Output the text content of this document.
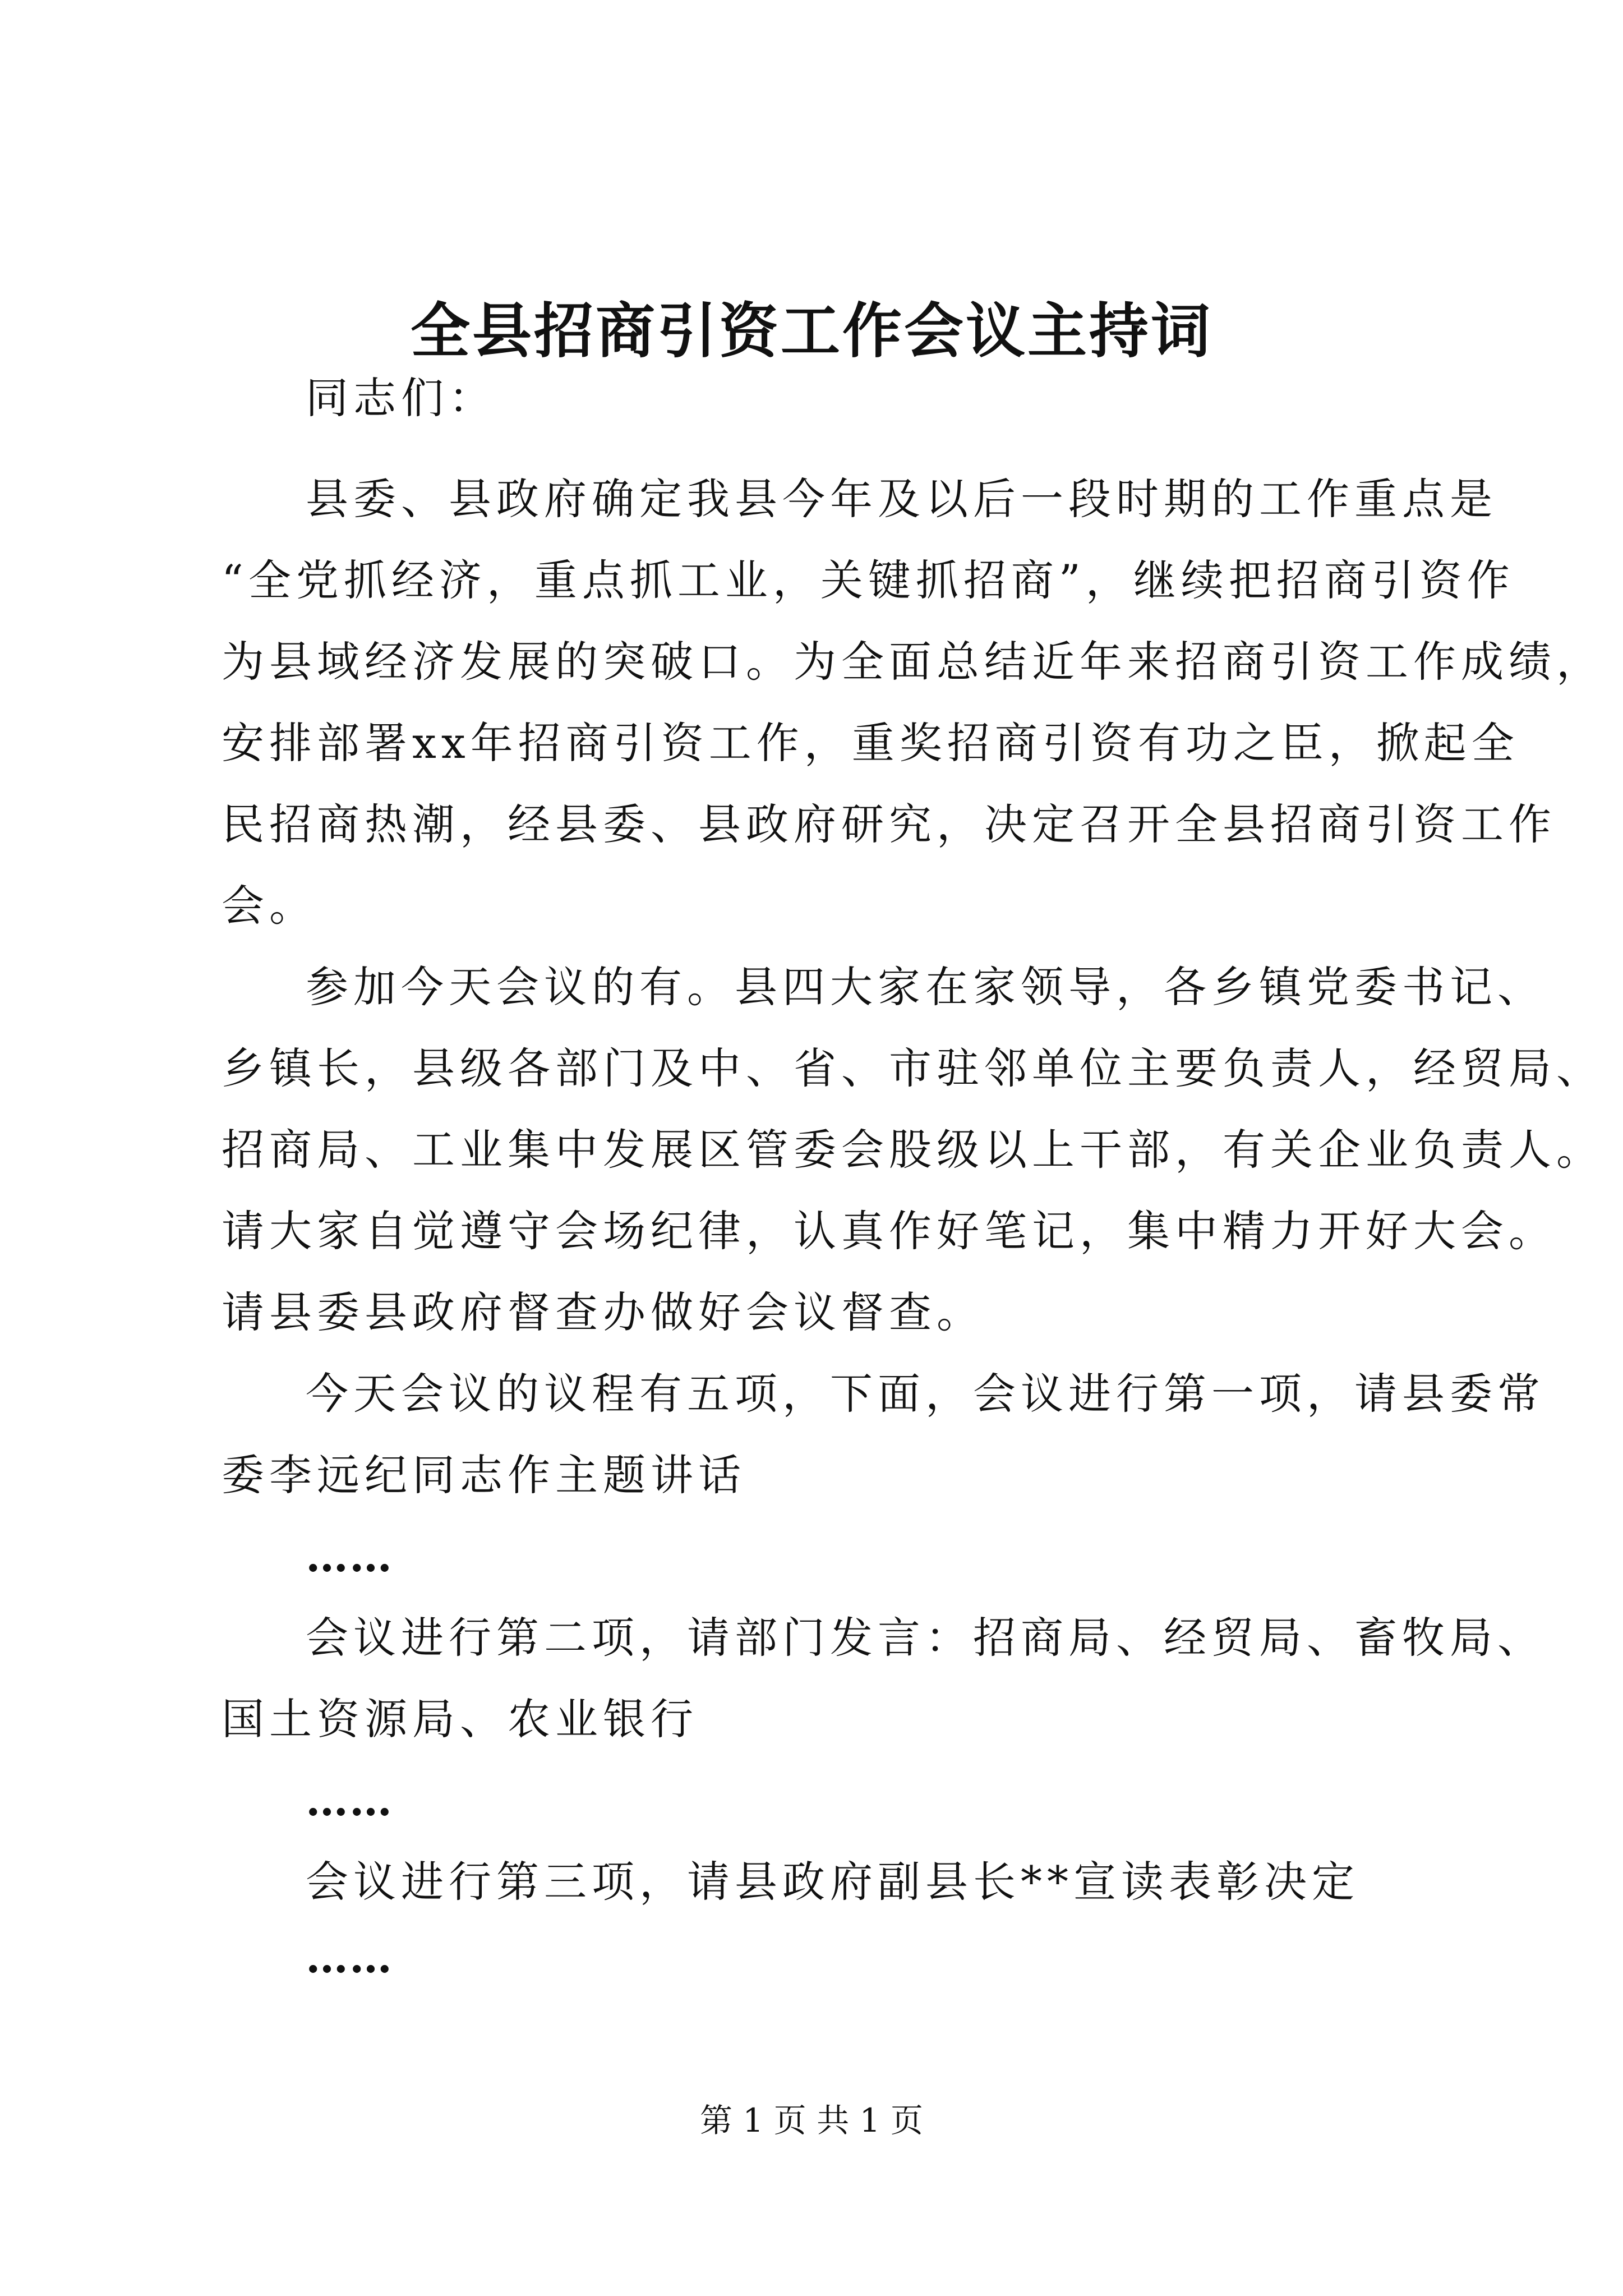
全县招商引资工作会议主持词
同志们：
县委、县政府确定我县今年及以后一段时期的工作重点是
“全党抓经济，重点抓工业，关键抓招商”，继续把招商引资作
为县域经济发展的突破口。为全面总结近年来招商引资工作成绩，
安排部署xx年招商引资工作，重奖招商引资有功之臣，掀起全
民招商热潮，经县委、县政府研究，决定召开全县招商引资工作
会。
参加今天会议的有。县四大家在家领导，各乡镇党委书记、
乡镇长，县级各部门及中、省、市驻邻单位主要负责人，经贸局、
招商局、工业集中发展区管委会股级以上干部，有关企业负责人。
请大家自觉遵守会场纪律，认真作好笔记，集中精力开好大会。
请县委县政府督查办做好会议督查。
今天会议的议程有五项，下面，会议进行第一项，请县委常
委李远纪同志作主题讲话
……
会议进行第二项，请部门发言：招商局、经贸局、畜牧局、
国土资源局、农业银行
……
会议进行第三项，请县政府副县长**宣读表彰决定
……
第 1 页 共 1 页
